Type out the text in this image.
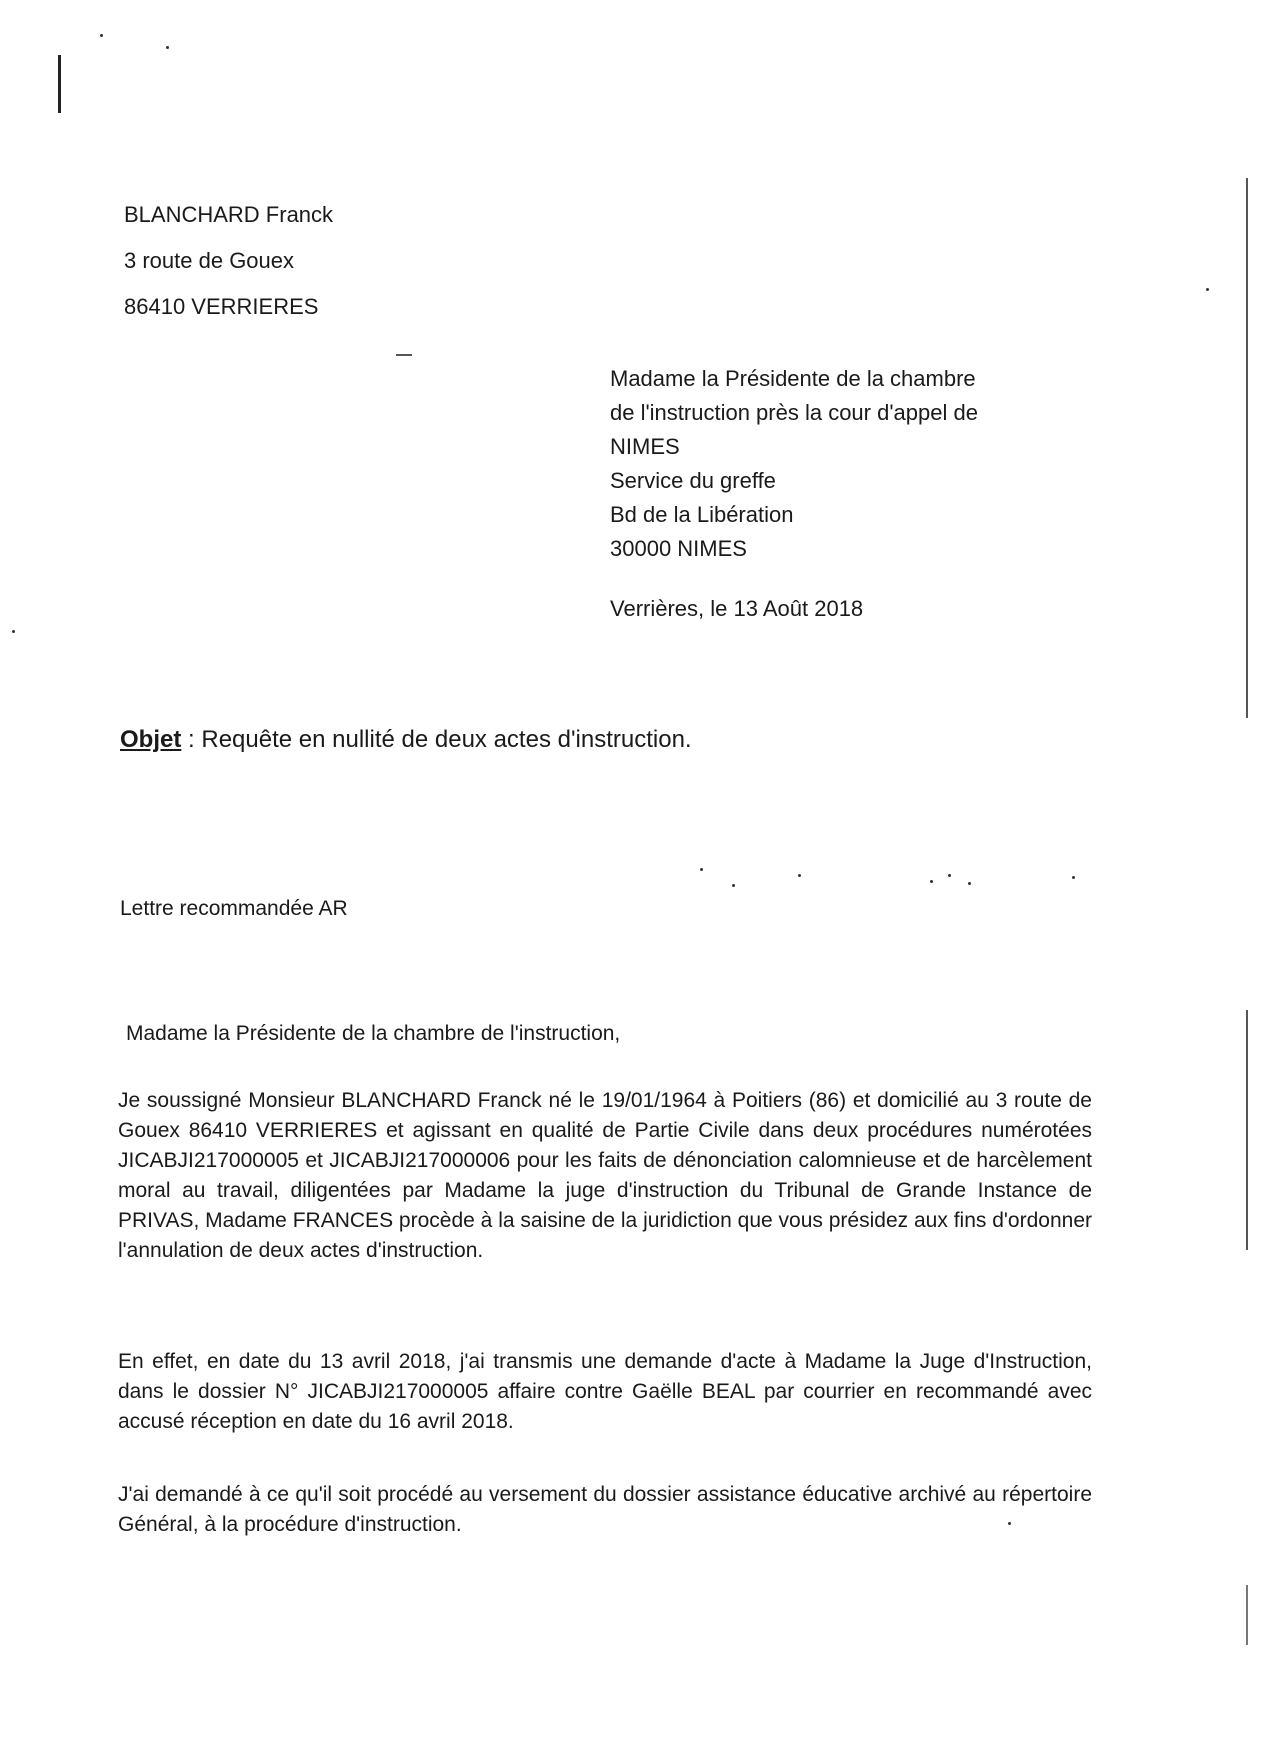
BLANCHARD Franck
3 route de Gouex
86410 VERRIERES
Madame la Présidente de la chambre
de l'instruction près la cour d'appel de
NIMES
Service du greffe
Bd de la Libération
30000 NIMES
Verrières, le 13 Août 2018
Objet : Requête en nullité de deux actes d'instruction.
Lettre recommandée AR
Madame la Présidente de la chambre de l'instruction,
Je soussigné Monsieur BLANCHARD Franck né le 19/01/1964 à Poitiers (86) et domicilié au 3 route de Gouex 86410 VERRIERES et agissant en qualité de Partie Civile dans deux procédures numérotées JICABJI217000005 et JICABJI217000006 pour les faits de dénonciation calomnieuse et de harcèlement moral au travail, diligentées par Madame la juge d'instruction du Tribunal de Grande Instance de PRIVAS, Madame FRANCES procède à la saisine de la juridiction que vous présidez aux fins d'ordonner l'annulation de deux actes d'instruction.
En effet, en date du 13 avril 2018, j'ai transmis une demande d'acte à Madame la Juge d'Instruction, dans le dossier N° JICABJI217000005 affaire contre Gaëlle BEAL par courrier en recommandé avec accusé réception en date du 16 avril 2018.
J'ai demandé à ce qu'il soit procédé au versement du dossier assistance éducative archivé au répertoire Général, à la procédure d'instruction.
